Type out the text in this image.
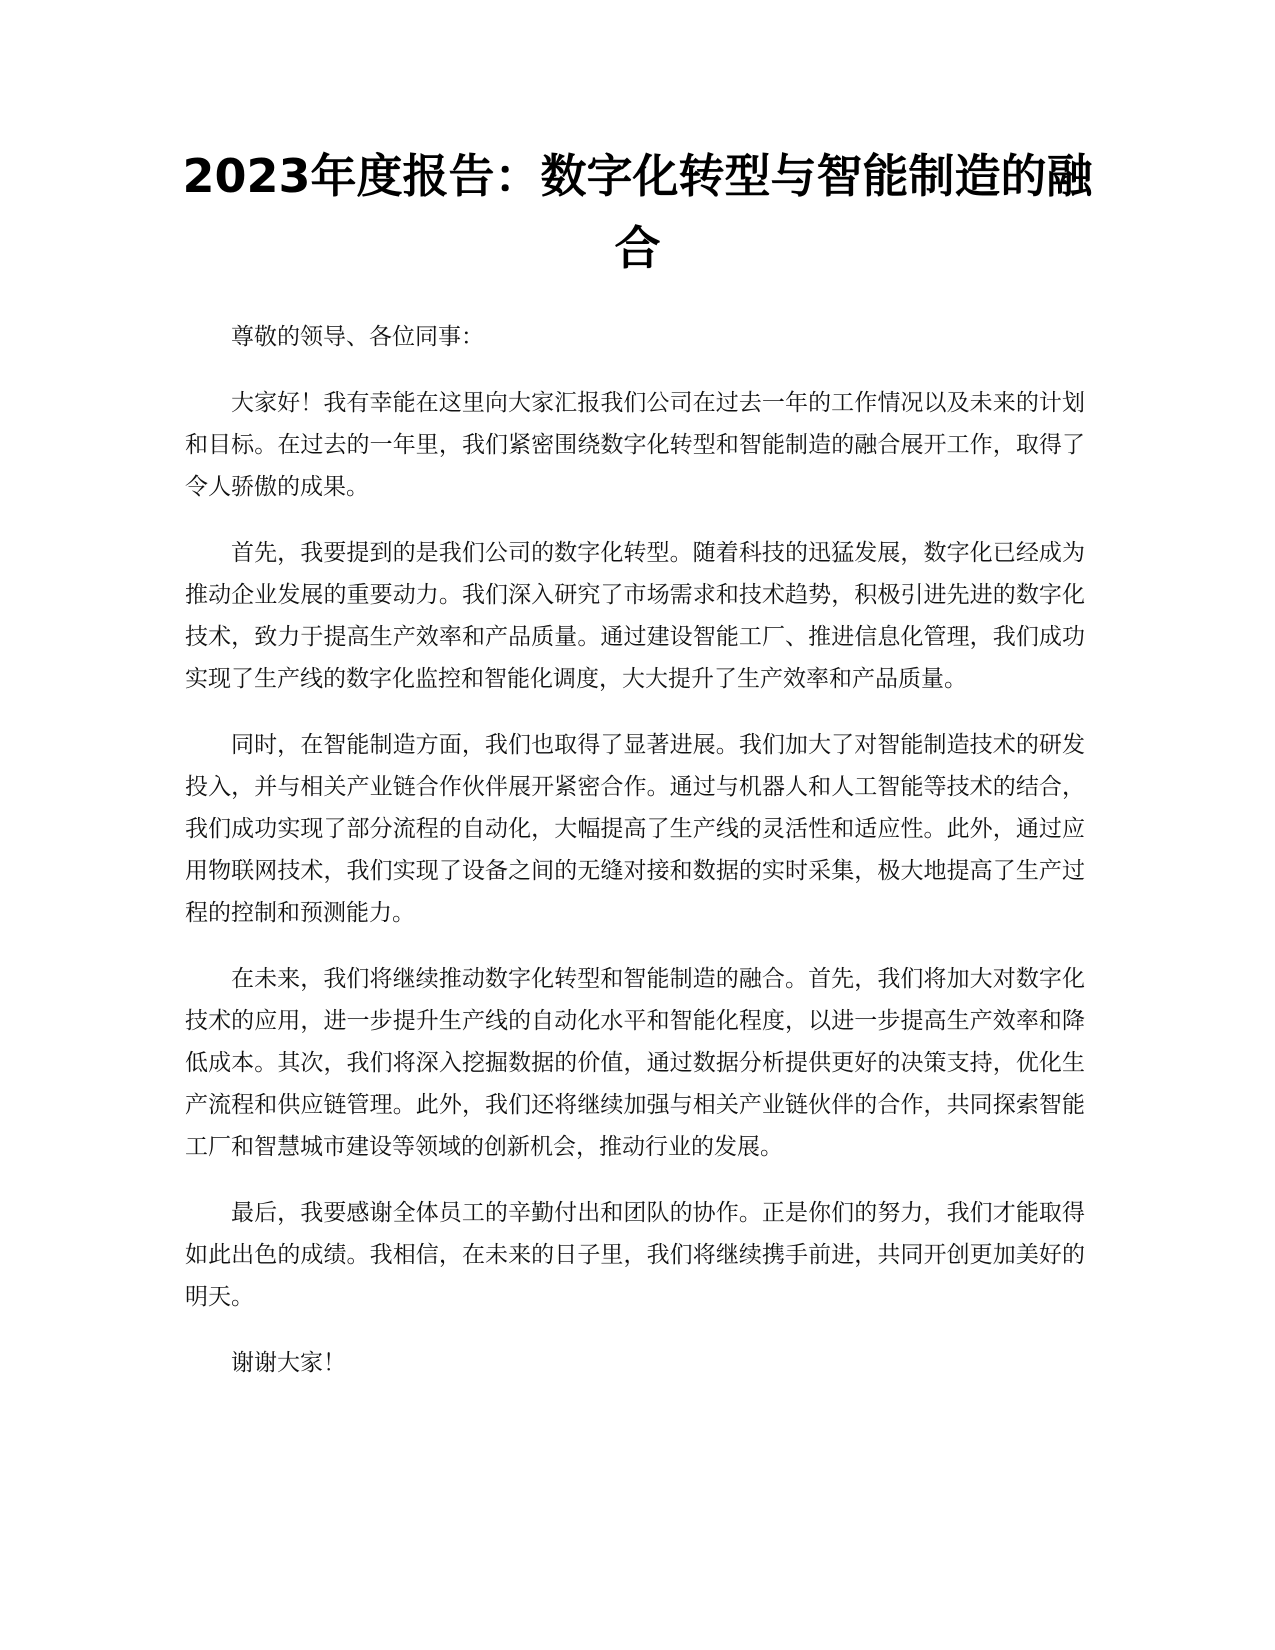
2023年度报告：数字化转型与智能制造的融合

尊敬的领导、各位同事：

大家好！我有幸能在这里向大家汇报我们公司在过去一年的工作情况以及未来的计划和目标。在过去的一年里，我们紧密围绕数字化转型和智能制造的融合展开工作，取得了令人骄傲的成果。

首先，我要提到的是我们公司的数字化转型。随着科技的迅猛发展，数字化已经成为推动企业发展的重要动力。我们深入研究了市场需求和技术趋势，积极引进先进的数字化技术，致力于提高生产效率和产品质量。通过建设智能工厂、推进信息化管理，我们成功实现了生产线的数字化监控和智能化调度，大大提升了生产效率和产品质量。

同时，在智能制造方面，我们也取得了显著进展。我们加大了对智能制造技术的研发投入，并与相关产业链合作伙伴展开紧密合作。通过与机器人和人工智能等技术的结合，我们成功实现了部分流程的自动化，大幅提高了生产线的灵活性和适应性。此外，通过应用物联网技术，我们实现了设备之间的无缝对接和数据的实时采集，极大地提高了生产过程的控制和预测能力。

在未来，我们将继续推动数字化转型和智能制造的融合。首先，我们将加大对数字化技术的应用，进一步提升生产线的自动化水平和智能化程度，以进一步提高生产效率和降低成本。其次，我们将深入挖掘数据的价值，通过数据分析提供更好的决策支持，优化生产流程和供应链管理。此外，我们还将继续加强与相关产业链伙伴的合作，共同探索智能工厂和智慧城市建设等领域的创新机会，推动行业的发展。

最后，我要感谢全体员工的辛勤付出和团队的协作。正是你们的努力，我们才能取得如此出色的成绩。我相信，在未来的日子里，我们将继续携手前进，共同开创更加美好的明天。

谢谢大家！
